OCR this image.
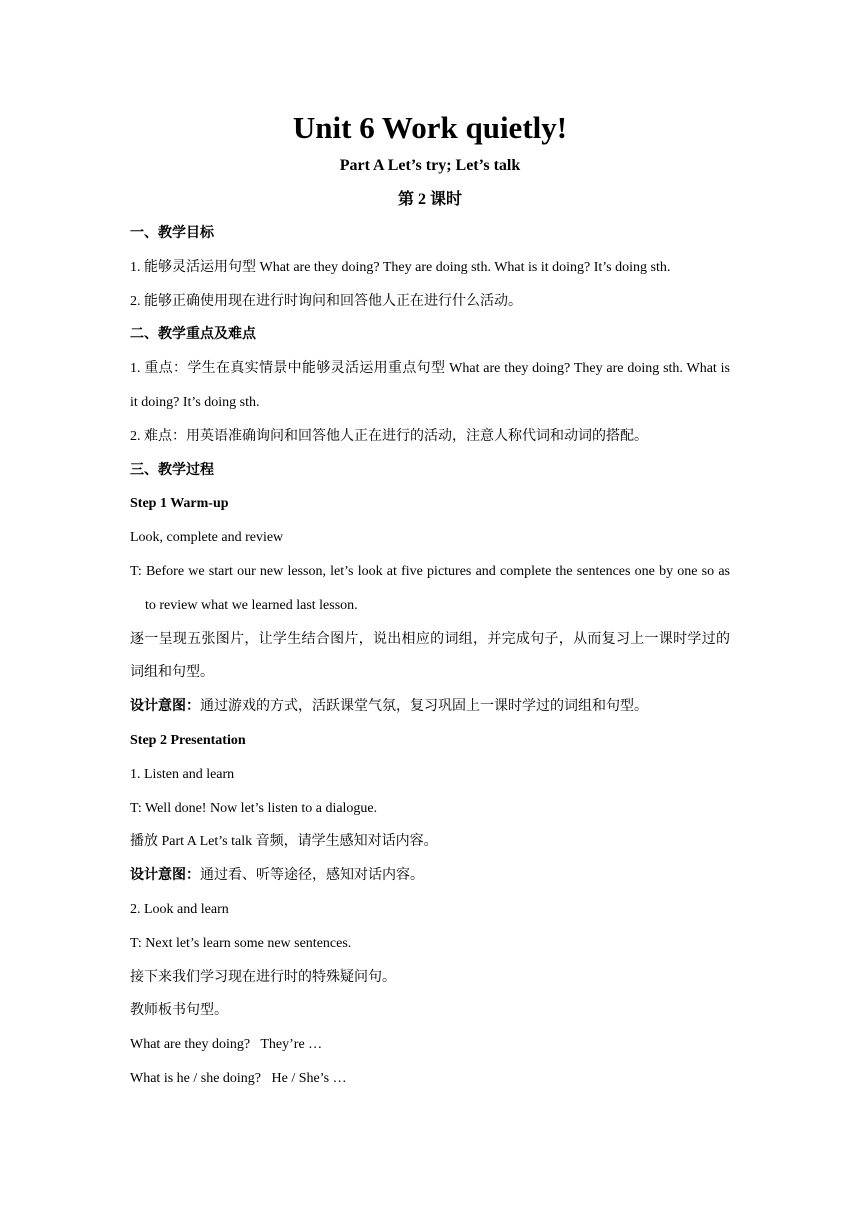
Unit 6 Work quietly!
Part A Let’s try; Let’s talk
第 2 课时

一、教学目标

1. 能够灵活运用句型 What are they doing? They are doing sth. What is it doing? It’s doing sth.

2. 能够正确使用现在进行时询问和回答他人正在进行什么活动。

二、教学重点及难点

1. 重点：学生在真实情景中能够灵活运用重点句型 What are they doing? They are doing sth. What is it doing? It’s doing sth.

2. 难点：用英语准确询问和回答他人正在进行的活动，注意人称代词和动词的搭配。

三、教学过程

Step 1 Warm-up

Look, complete and review

T: Before we start our new lesson, let’s look at five pictures and complete the sentences one by one so as to review what we learned last lesson.

逐一呈现五张图片，让学生结合图片，说出相应的词组，并完成句子，从而复习上一课时学过的词组和句型。

设计意图：通过游戏的方式，活跃课堂气氛，复习巩固上一课时学过的词组和句型。

Step 2 Presentation

1. Listen and learn

T: Well done! Now let’s listen to a dialogue.

播放 Part A Let’s talk 音频，请学生感知对话内容。

设计意图：通过看、听等途径，感知对话内容。

2. Look and learn

T: Next let’s learn some new sentences.

接下来我们学习现在进行时的特殊疑问句。

教师板书句型。

What are they doing?   They’re …

What is he / she doing?   He / She’s …
